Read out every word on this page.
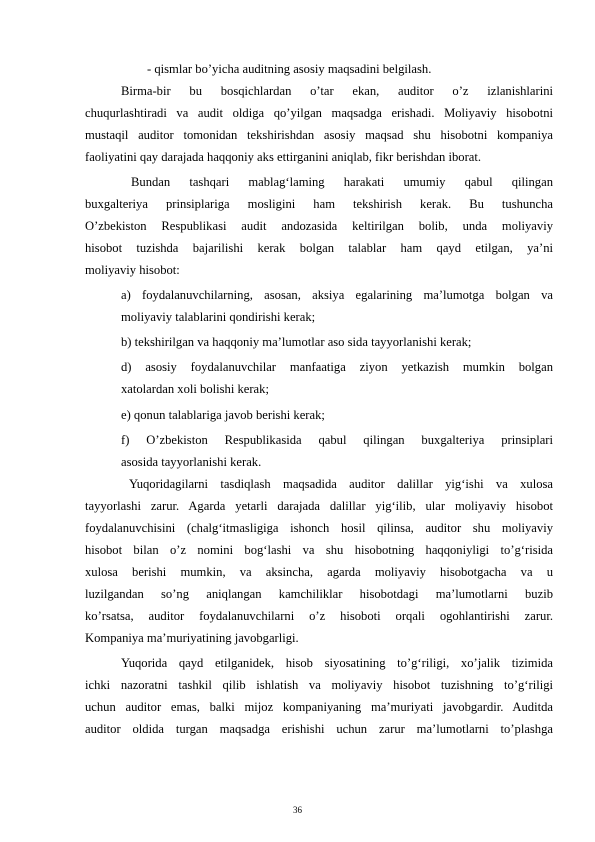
- qismlar bo’yicha auditning asosiy maqsadini belgilash.
Birma-bir bu bosqichlardan o’tar ekan, auditor o’z izlanishlarini
chuqurlashtiradi va audit oldiga qo’yilgan maqsadga erishadi. Moliyaviy hisobotni
mustaqil auditor tomonidan tekshirishdan asosiy maqsad shu hisobotni kompaniya
faoliyatini qay darajada haqqoniy aks ettirganini aniqlab, fikr berishdan iborat.
Bundan tashqari mablag‘laming harakati umumiy qabul qilingan
buxgalteriya prinsiplariga mosligini ham tekshirish kerak. Bu tushuncha
O’zbekiston Respublikasi audit andozasida keltirilgan bolib, unda moliyaviy
hisobot tuzishda bajarilishi kerak bolgan talablar ham qayd etilgan, ya’ni
moliyaviy hisobot:
a) foydalanuvchilarning, asosan, aksiya egalarining ma’lumotga bolgan va
moliyaviy talablarini qondirishi kerak;
b) tekshirilgan va haqqoniy ma’lumotlar aso sida tayyorlanishi kerak;
d) asosiy foydalanuvchilar manfaatiga ziyon yetkazish mumkin bolgan
xatolardan xoli bolishi kerak;
e) qonun talablariga javob berishi kerak;
f) O’zbekiston Respublikasida qabul qilingan buxgalteriya prinsiplari
asosida tayyorlanishi kerak.
Yuqoridagilarni tasdiqlash maqsadida auditor dalillar yig‘ishi va xulosa
tayyorlashi zarur. Agarda yetarli darajada dalillar yig‘ilib, ular moliyaviy hisobot
foydalanuvchisini (chalg‘itmasligiga ishonch hosil qilinsa, auditor shu moliyaviy
hisobot bilan o’z nomini bog‘lashi va shu hisobotning haqqoniyligi to’g‘risida
xulosa berishi mumkin, va aksincha, agarda moliyaviy hisobotgacha va u
luzilgandan so’ng aniqlangan kamchiliklar hisobotdagi ma’lumotlarni buzib
ko’rsatsa, auditor foydalanuvchilarni o’z hisoboti orqali ogohlantirishi zarur.
Kompaniya ma’muriyatining javobgarligi.
Yuqorida qayd etilganidek, hisob siyosatining to’g‘riligi, xo’jalik tizimida
ichki nazoratni tashkil qilib ishlatish va moliyaviy hisobot tuzishning to’g‘riligi
uchun auditor emas, balki mijoz kompaniyaning ma’muriyati javobgardir. Auditda
auditor oldida turgan maqsadga erishishi uchun zarur ma’lumotlarni to’plashga
36
